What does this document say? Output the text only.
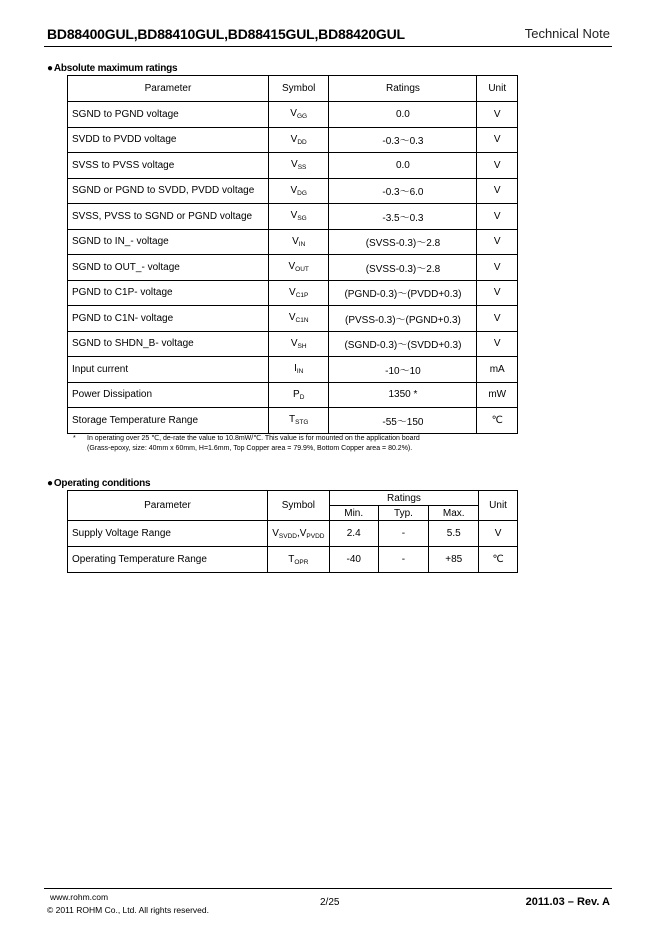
BD88400GUL,BD88410GUL,BD88415GUL,BD88420GUL	Technical Note
●Absolute maximum ratings
Parameter	Symbol	Ratings	Unit
SGND to PGND voltage	$V_{GG}$	0.0	V
SVDD to PVDD voltage	$V_{DD}$	-0.3～0.3	V
SVSS to PVSS voltage	$V_{SS}$	0.0	V
SGND or PGND to SVDD, PVDD voltage	$V_{DG}$	-0.3～6.0	V
SVSS, PVSS to SGND or PGND voltage	$V_{SG}$	-3.5～0.3	V
SGND to IN_- voltage	$V_{IN}$	(SVSS-0.3)～2.8	V
SGND to OUT_- voltage	$V_{OUT}$	(SVSS-0.3)～2.8	V
PGND to C1P- voltage	$V_{C1P}$	(PGND-0.3)～(PVDD+0.3)	V
PGND to C1N- voltage	$V_{C1N}$	(PVSS-0.3)～(PGND+0.3)	V
SGND to SHDN_B- voltage	$V_{SH}$	(SGND-0.3)～(SVDD+0.3)	V
Input current	$I_{IN}$	-10～10	mA
Power Dissipation	$P_D$	1350 *	mW
Storage Temperature Range	$T_{STG}$	-55～150	℃
* In operating over 25 ℃, de-rate the value to 10.8mW/℃. This value is for mounted on the application board
(Grass-epoxy, size: 40mm x 60mm, H=1.6mm, Top Copper area = 79.9%, Bottom Copper area = 80.2%).
●Operating conditions
Parameter	Symbol	Ratings			Unit
		Min.	Typ.	Max.	
Supply Voltage Range	$V_{SVDD},V_{PVDD}$	2.4	-	5.5	V
Operating Temperature Range	$T_{OPR}$	-40	-	+85	℃
www.rohm.com
© 2011 ROHM Co., Ltd. All rights reserved.
2/25	2011.03 – Rev. A
